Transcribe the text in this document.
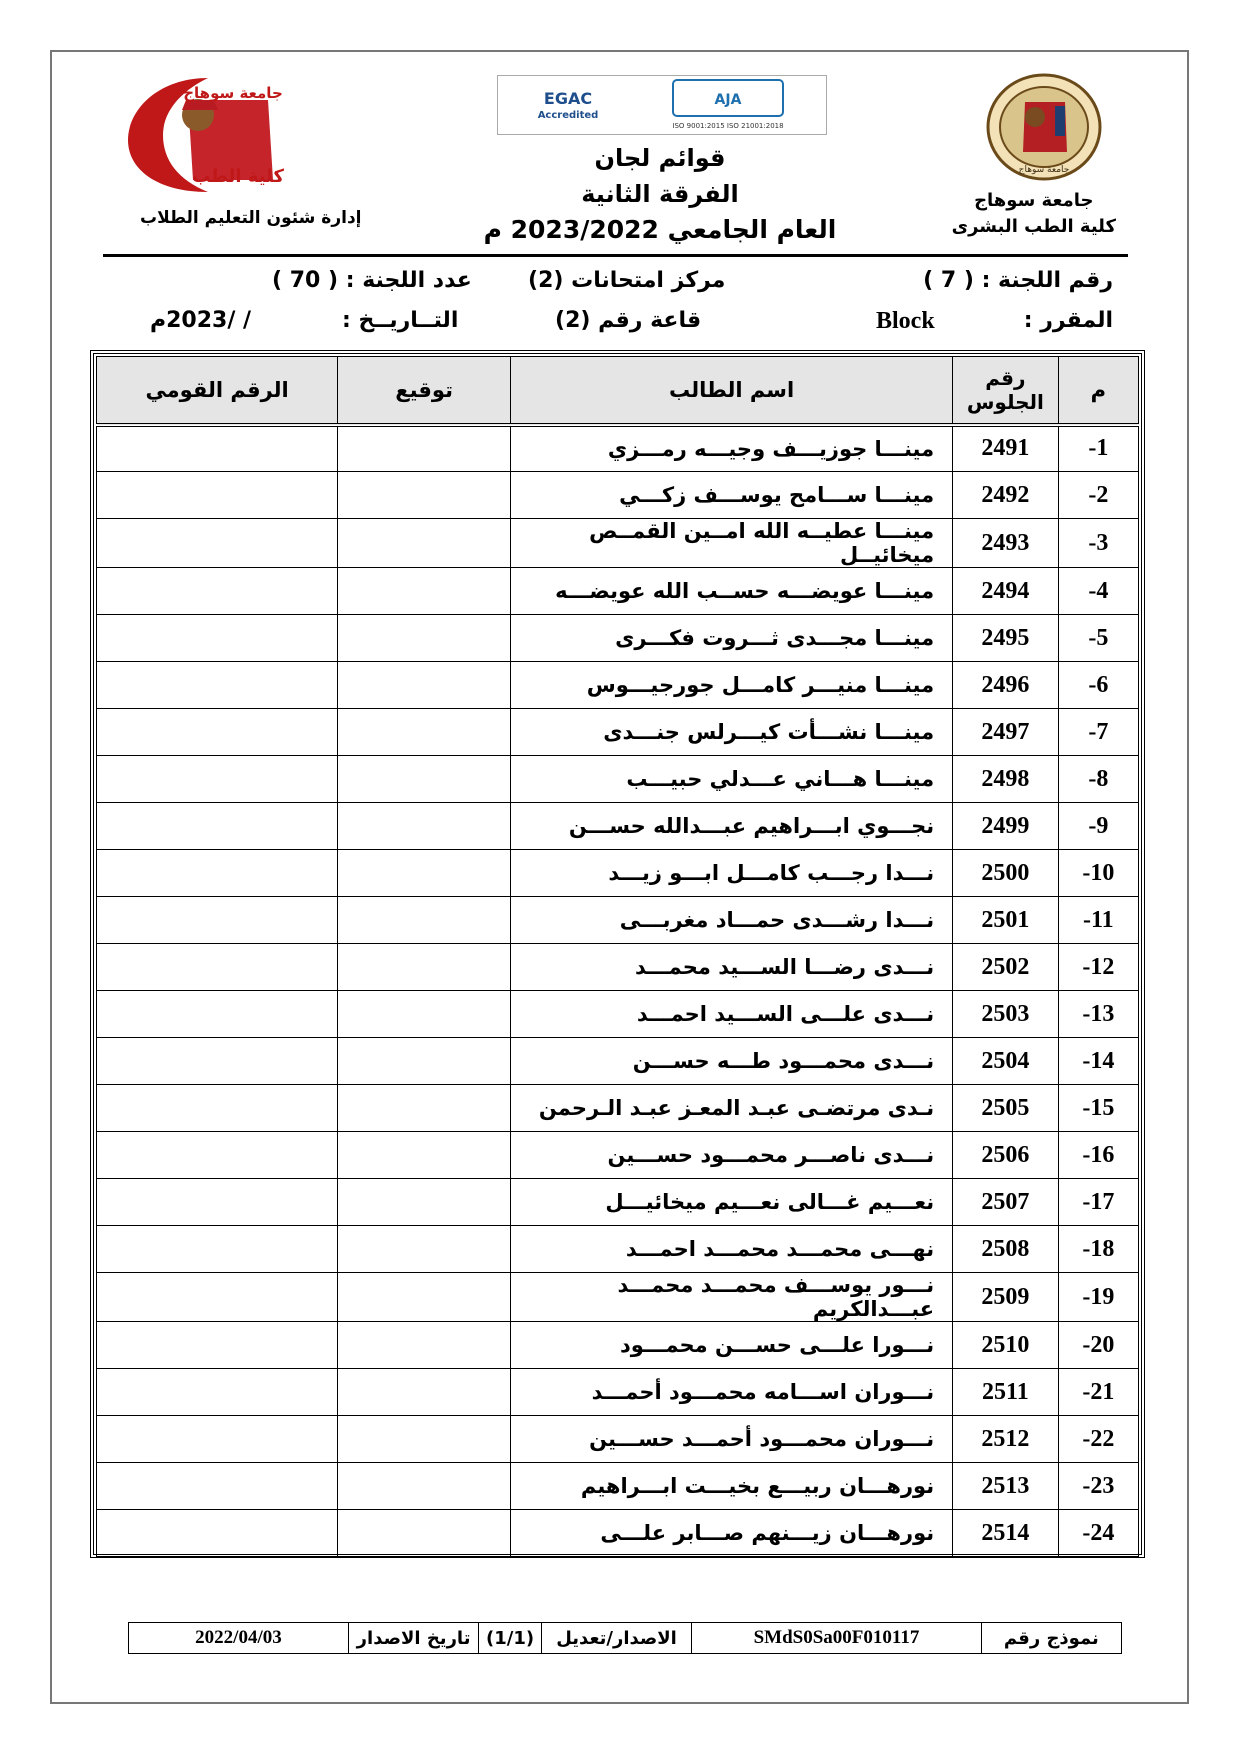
جامعة سوهاج
كلية الطب	جامعة سوهاج
EGAC
Accredited
AJA
ISO 9001:2015 ISO 21001:2018
قوائم لجان
الفرقة الثانية
العام الجامعي 2023/2022 م
جامعة سوهاج
كلية الطب البشرى
إدارة شئون التعليم الطلاب
رقم اللجنة : ( 7 )
مركز امتحانات (2)
عدد اللجنة : ( 70 )
المقرر :
Block
قاعة رقم (2)
التــاريــخ :
/ /2023م
م	رقم الجلوس	اسم الطالب	توقيع	الرقم القومي
1-	2491	مينـــا جوزيـــف وجيـــه رمـــزي		
2-	2492	مينـــا ســـامح يوســـف زكـــي		
3-	2493	مينـــا عطيــه الله امــين القمــص ميخائيــل		
4-	2494	مينـــا عويضـــه حســب الله عويضـــه		
5-	2495	مينـــا مجـــدى ثـــروت فكـــرى		
6-	2496	مينـــا منيـــر كامـــل جورجيـــوس		
7-	2497	مينـــا نشـــأت كيـــرلس جنـــدى		
8-	2498	مينـــا هـــاني عـــدلي حبيـــب		
9-	2499	نجـــوي ابـــراهيم عبـــدالله حســـن		
10-	2500	نـــدا رجـــب كامـــل ابـــو زيـــد		
11-	2501	نـــدا رشـــدى حمـــاد مغربـــى		
12-	2502	نـــدى رضـــا الســـيد محمـــد		
13-	2503	نـــدى علـــى الســـيد احمـــد		
14-	2504	نـــدى محمـــود طـــه حســـن		
15-	2505	نـدى مرتضـى عبـد المعـز عبـد الـرحمن		
16-	2506	نـــدى ناصـــر محمـــود حســـين		
17-	2507	نعـــيم غـــالى نعـــيم ميخائيـــل		
18-	2508	نهـــى محمـــد محمـــد احمـــد		
19-	2509	نـــور يوســـف محمـــد محمـــد عبـــدالكريم		
20-	2510	نـــورا علـــى حســـن محمـــود		
21-	2511	نـــوران اســـامه محمـــود أحمـــد		
22-	2512	نـــوران محمـــود أحمـــد حســـين		
23-	2513	نورهـــان ربيـــع بخيـــت ابـــراهيم		
24-	2514	نورهـــان زيـــنهم صـــابر علـــى		
نموذج رقم
SMdS0Sa00F010117
الاصدار/تعديل
(1/1)
تاريخ الاصدار
2022/04/03
